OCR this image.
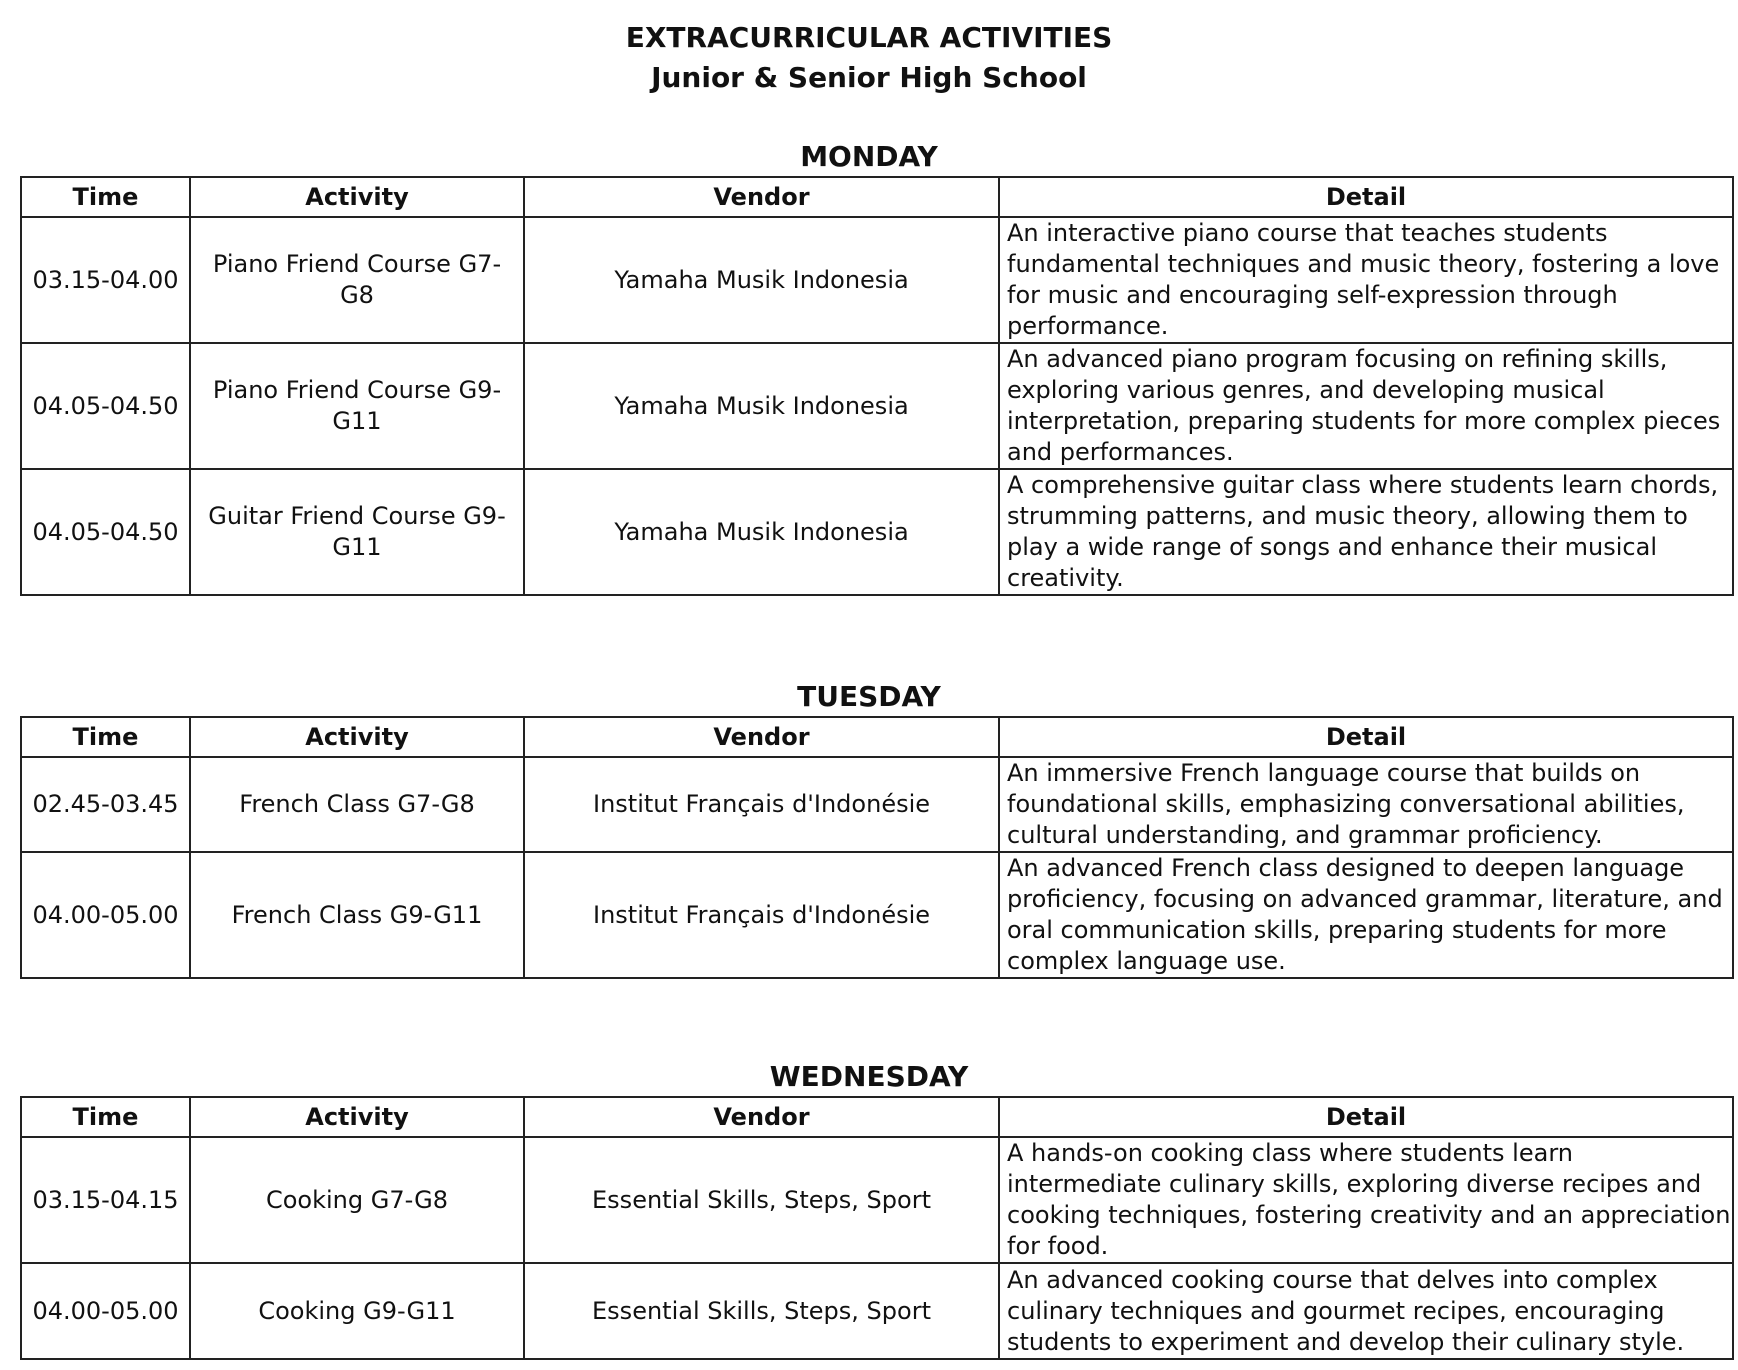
EXTRACURRICULAR ACTIVITIES
Junior & Senior High School
MONDAY
Time	Activity	Vendor	Detail
03.15-04.00	Piano Friend Course G7-G8	Yamaha Musik Indonesia	An interactive piano course that teaches students fundamental techniques and music theory, fostering a love for music and encouraging self-expression through performance.
04.05-04.50	Piano Friend Course G9-G11	Yamaha Musik Indonesia	An advanced piano program focusing on refining skills, exploring various genres, and developing musical interpretation, preparing students for more complex pieces and performances.
04.05-04.50	Guitar Friend Course G9-G11	Yamaha Musik Indonesia	A comprehensive guitar class where students learn chords, strumming patterns, and music theory, allowing them to play a wide range of songs and enhance their musical creativity.
TUESDAY
Time	Activity	Vendor	Detail
02.45-03.45	French Class G7-G8	Institut Français d'Indonésie	An immersive French language course that builds on foundational skills, emphasizing conversational abilities, cultural understanding, and grammar proficiency.
04.00-05.00	French Class G9-G11	Institut Français d'Indonésie	An advanced French class designed to deepen language proficiency, focusing on advanced grammar, literature, and oral communication skills, preparing students for more complex language use.
WEDNESDAY
Time	Activity	Vendor	Detail
03.15-04.15	Cooking G7-G8	Essential Skills, Steps, Sport	A hands-on cooking class where students learn intermediate culinary skills, exploring diverse recipes and cooking techniques, fostering creativity and an appreciation for food.
04.00-05.00	Cooking G9-G11	Essential Skills, Steps, Sport	An advanced cooking course that delves into complex culinary techniques and gourmet recipes, encouraging students to experiment and develop their culinary style.
